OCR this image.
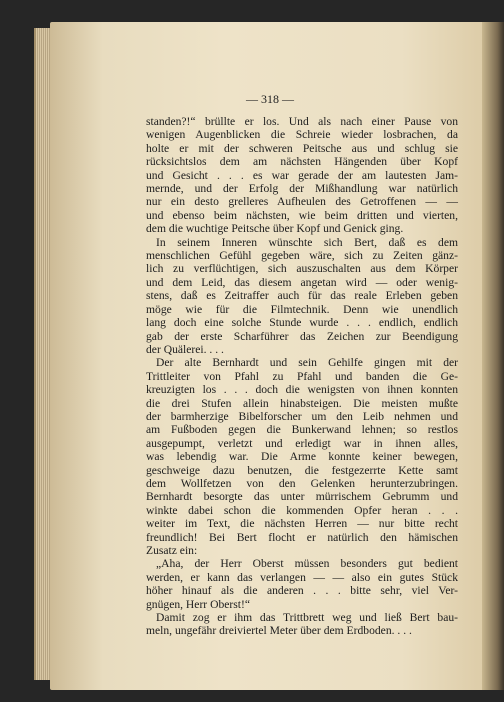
— 318 —
standen?!“ brüllte er los. Und als nach einer Pause von
wenigen Augenblicken die Schreie wieder losbrachen, da
holte er mit der schweren Peitsche aus und schlug sie
rücksichtslos dem am nächsten Hängenden über Kopf
und Gesicht . . . es war gerade der am lautesten Jam-
mernde, und der Erfolg der Mißhandlung war natürlich
nur ein desto grelleres Aufheulen des Getroffenen — —
und ebenso beim nächsten, wie beim dritten und vierten,
dem die wuchtige Peitsche über Kopf und Genick ging.
In seinem Inneren wünschte sich Bert, daß es dem
menschlichen Gefühl gegeben wäre, sich zu Zeiten gänz-
lich zu verflüchtigen, sich auszuschalten aus dem Körper
und dem Leid, das diesem angetan wird — oder wenig-
stens, daß es Zeitraffer auch für das reale Erleben geben
möge wie für die Filmtechnik. Denn wie unendlich
lang doch eine solche Stunde wurde . . . endlich, endlich
gab der erste Scharführer das Zeichen zur Beendigung
der Quälerei. . . .
Der alte Bernhardt und sein Gehilfe gingen mit der
Trittleiter von Pfahl zu Pfahl und banden die Ge-
kreuzigten los . . . doch die wenigsten von ihnen konnten
die drei Stufen allein hinabsteigen. Die meisten mußte
der barmherzige Bibelforscher um den Leib nehmen und
am Fußboden gegen die Bunkerwand lehnen; so restlos
ausgepumpt, verletzt und erledigt war in ihnen alles,
was lebendig war. Die Arme konnte keiner bewegen,
geschweige dazu benutzen, die festgezerrte Kette samt
dem Wollfetzen von den Gelenken herunterzubringen.
Bernhardt besorgte das unter mürrischem Gebrumm und
winkte dabei schon die kommenden Opfer heran . . .
weiter im Text, die nächsten Herren — nur bitte recht
freundlich! Bei Bert flocht er natürlich den hämischen
Zusatz ein:
„Aha, der Herr Oberst müssen besonders gut bedient
werden, er kann das verlangen — — also ein gutes Stück
höher hinauf als die anderen . . . bitte sehr, viel Ver-
gnügen, Herr Oberst!“
Damit zog er ihm das Trittbrett weg und ließ Bert bau-
meln, ungefähr dreiviertel Meter über dem Erdboden. . . .
